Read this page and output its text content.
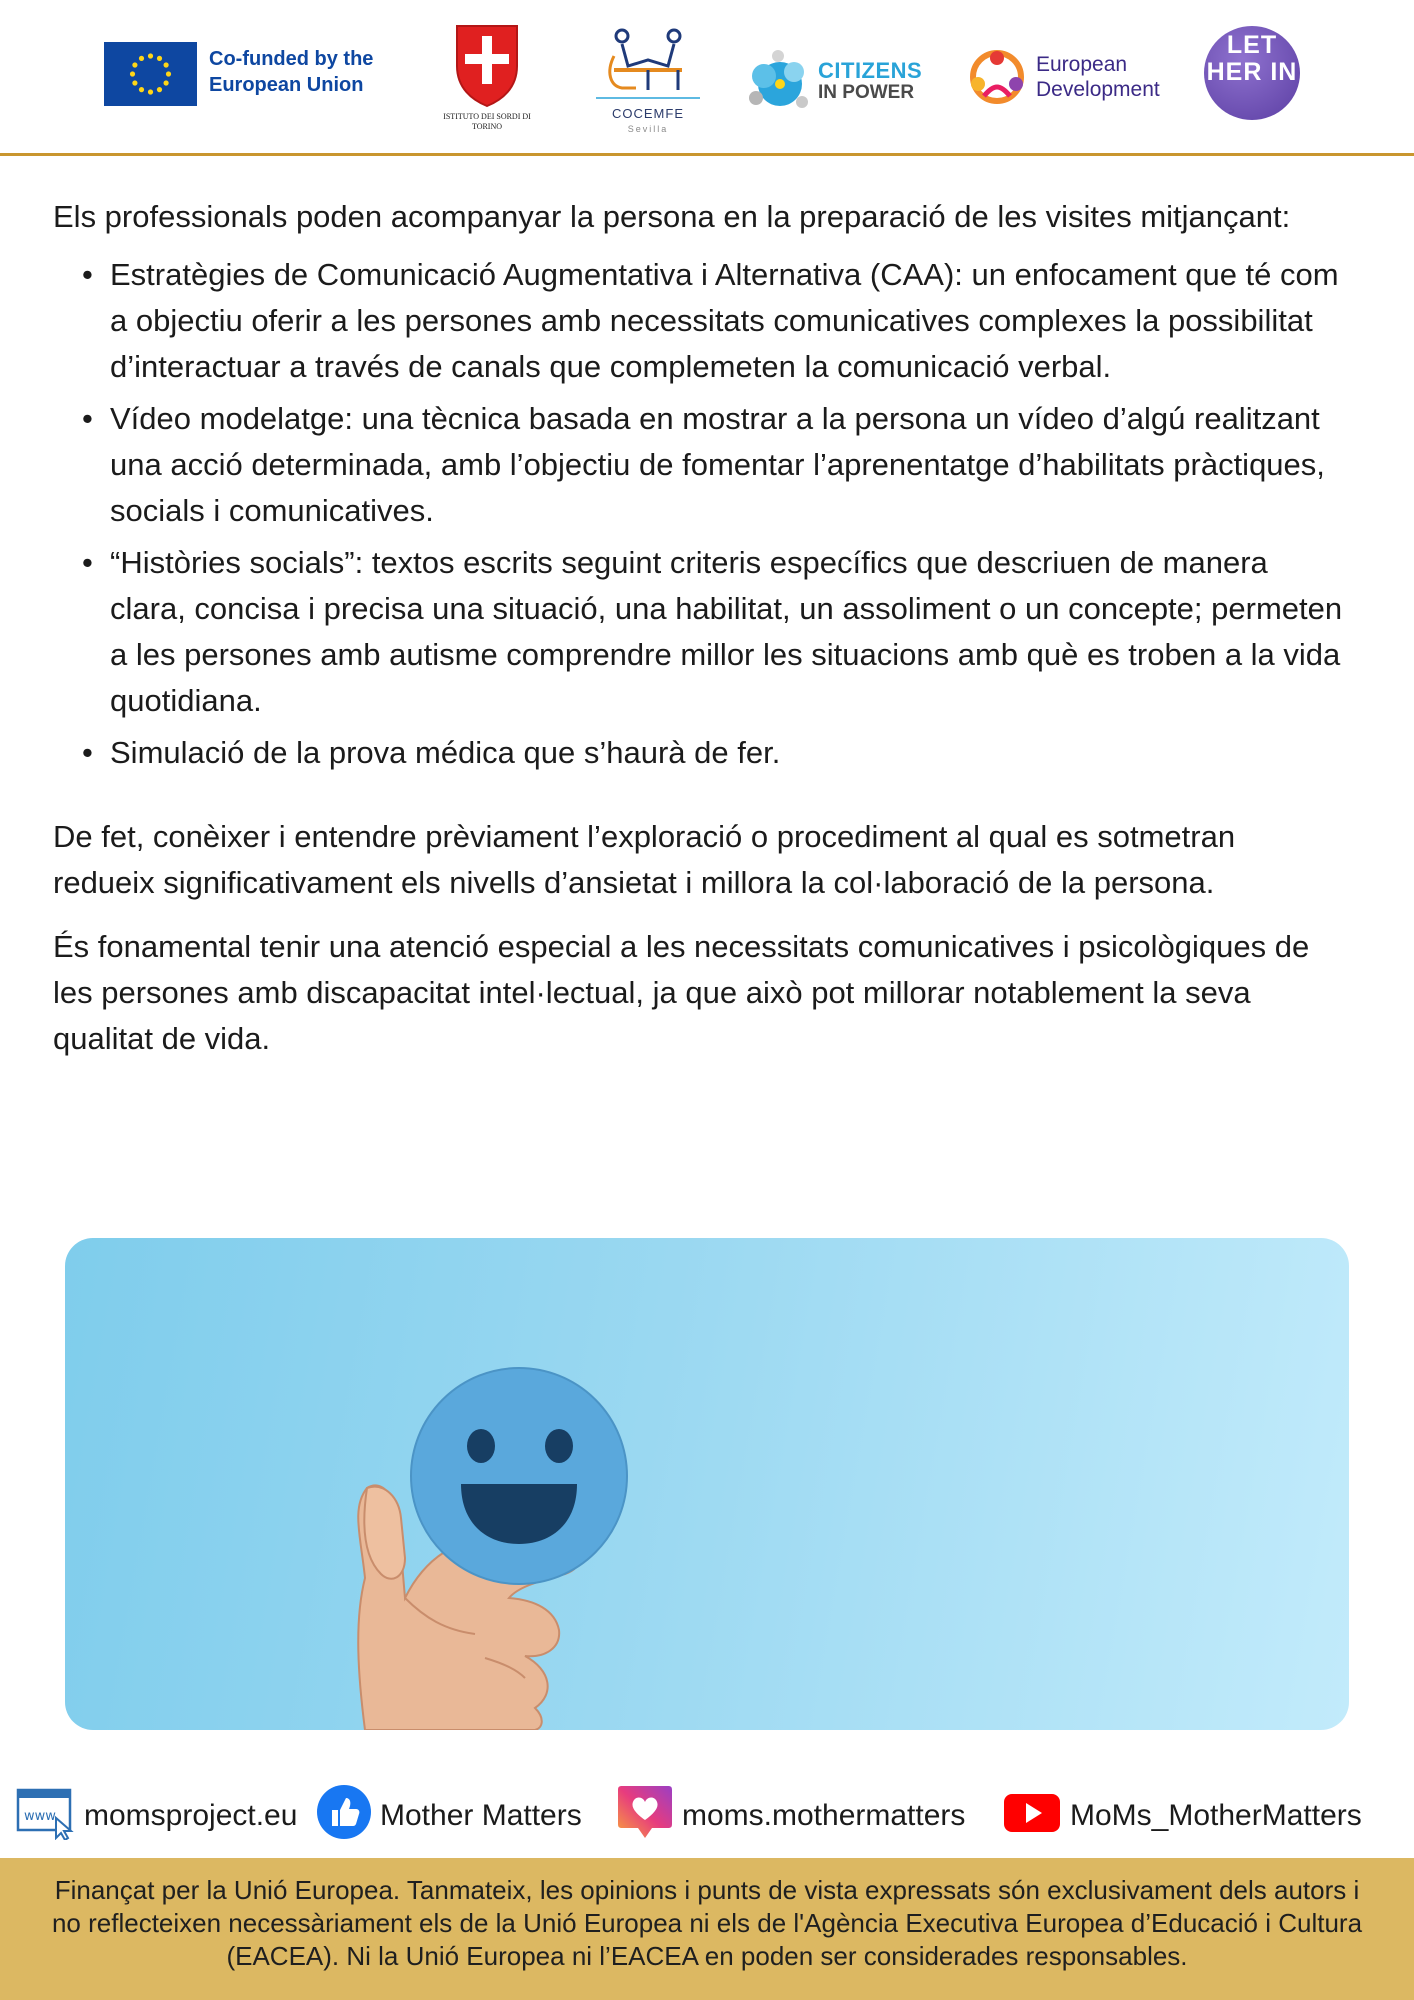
Co-funded by the European Union
ISTITUTO DEI SORDI DI TORINO
COCEMFE
Sevilla
CITIZENS
IN POWER
European
Development
LET HER IN

Els professionals poden acompanyar la persona en la preparació de les visites mitjançant:

• Estratègies de Comunicació Augmentativa i Alternativa (CAA): un enfocament que té com a objectiu oferir a les persones amb necessitats comunicatives complexes la possibilitat d’interactuar a través de canals que complemeten la comunicació verbal.
• Vídeo modelatge: una tècnica basada en mostrar a la persona un vídeo d’algú realitzant una acció determinada, amb l’objectiu de fomentar l’aprenentatge d’habilitats pràctiques, socials i comunicatives.
• “Històries socials”: textos escrits seguint criteris específics que descriuen de manera clara, concisa i precisa una situació, una habilitat, un assoliment o un concepte; permeten a les persones amb autisme comprendre millor les situacions amb què es troben a la vida quotidiana.
• Simulació de la prova médica que s’haurà de fer.

De fet, conèixer i entendre prèviament l’exploració o procediment al qual es sotmetran redueix significativament els nivells d’ansietat i millora la col·laboració de la persona.

És fonamental tenir una atenció especial a les necessitats comunicatives i psicològiques de les persones amb discapacitat intel·lectual, ja que això pot millorar notablement la seva qualitat de vida.

www momsproject.eu	Mother Matters	moms.mothermatters	MoMs_MotherMatters
Finançat per la Unió Europea. Tanmateix, les opinions i punts de vista expressats són exclusivament dels autors i no reflecteixen necessàriament els de la Unió Europea ni els de l'Agència Executiva Europea d’Educació i Cultura (EACEA). Ni la Unió Europea ni l’EACEA en poden ser considerades responsables.
